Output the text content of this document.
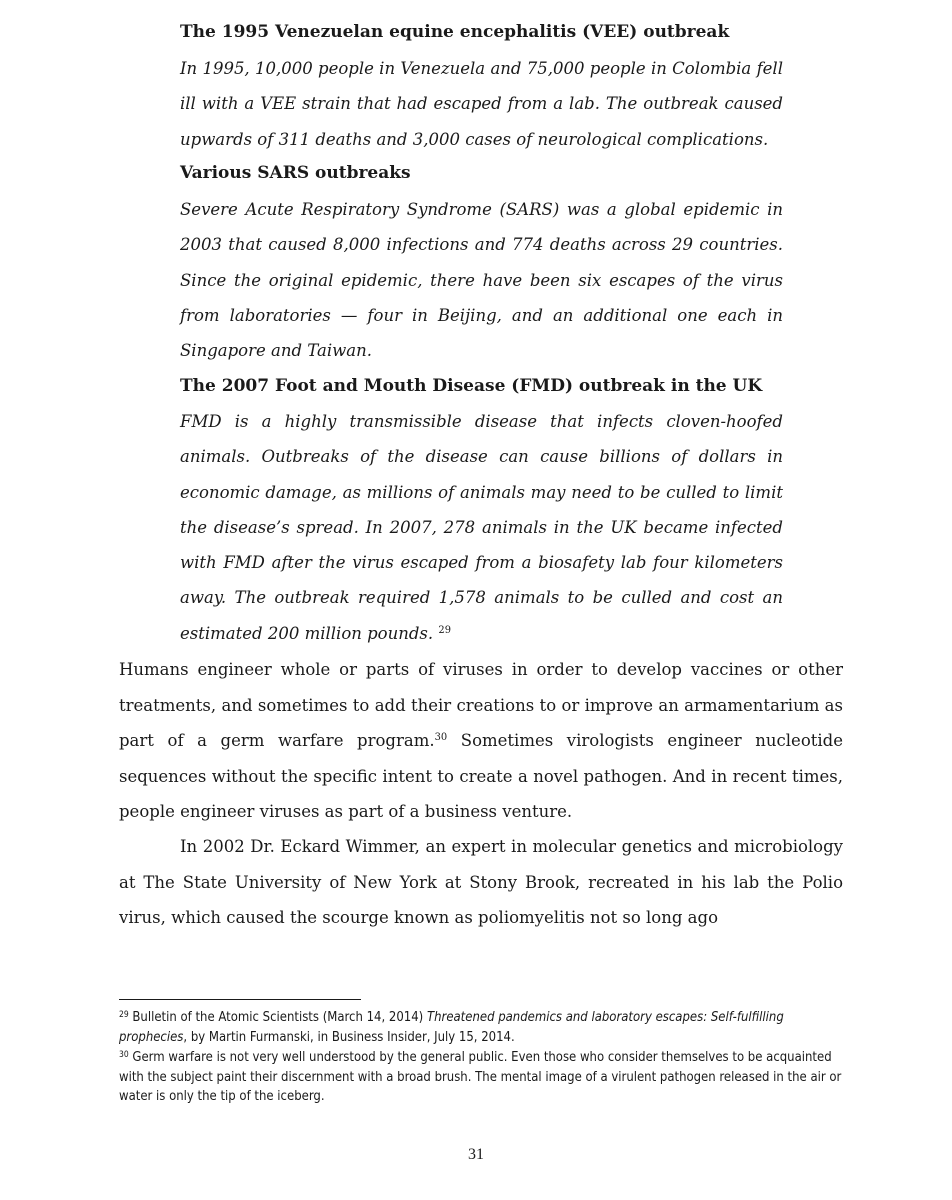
The 1995 Venezuelan equine encephalitis (VEE) outbreak
In 1995, 10,000 people in Venezuela and 75,000 people in Colombia fell ill with a VEE strain that had escaped from a lab. The outbreak caused upwards of 311 deaths and 3,000 cases of neurological complications.
Various SARS outbreaks
Severe Acute Respiratory Syndrome (SARS) was a global epidemic in 2003 that caused 8,000 infections and 774 deaths across 29 countries. Since the original epidemic, there have been six escapes of the virus from laboratories — four in Beijing, and an additional one each in Singapore and Taiwan.
The 2007 Foot and Mouth Disease (FMD) outbreak in the UK
FMD is a highly transmissible disease that infects cloven-hoofed animals. Outbreaks of the disease can cause billions of dollars in economic damage, as millions of animals may need to be culled to limit the disease’s spread. In 2007, 278 animals in the UK became infected with FMD after the virus escaped from a biosafety lab four kilometers away. The outbreak required 1,578 animals to be culled and cost an estimated 200 million pounds. $^{29}$
Humans engineer whole or parts of viruses in order to develop vaccines or other treatments, and sometimes to add their creations to or improve an armamentarium as part of a germ warfare program.$^{30}$ Sometimes virologists engineer nucleotide sequences without the specific intent to create a novel pathogen. And in recent times, people engineer viruses as part of a business venture.
In 2002 Dr. Eckard Wimmer, an expert in molecular genetics and microbiology at The State University of New York at Stony Brook, recreated in his lab the Polio virus, which caused the scourge known as poliomyelitis not so long ago
$^{29}$ Bulletin of the Atomic Scientists (March 14, 2014) Threatened pandemics and laboratory escapes: Self-fulfilling prophecies, by Martin Furmanski, in Business Insider, July 15, 2014.
$^{30}$ Germ warfare is not very well understood by the general public. Even those who consider themselves to be acquainted with the subject paint their discernment with a broad brush. The mental image of a virulent pathogen released in the air or water is only the tip of the iceberg.
31
